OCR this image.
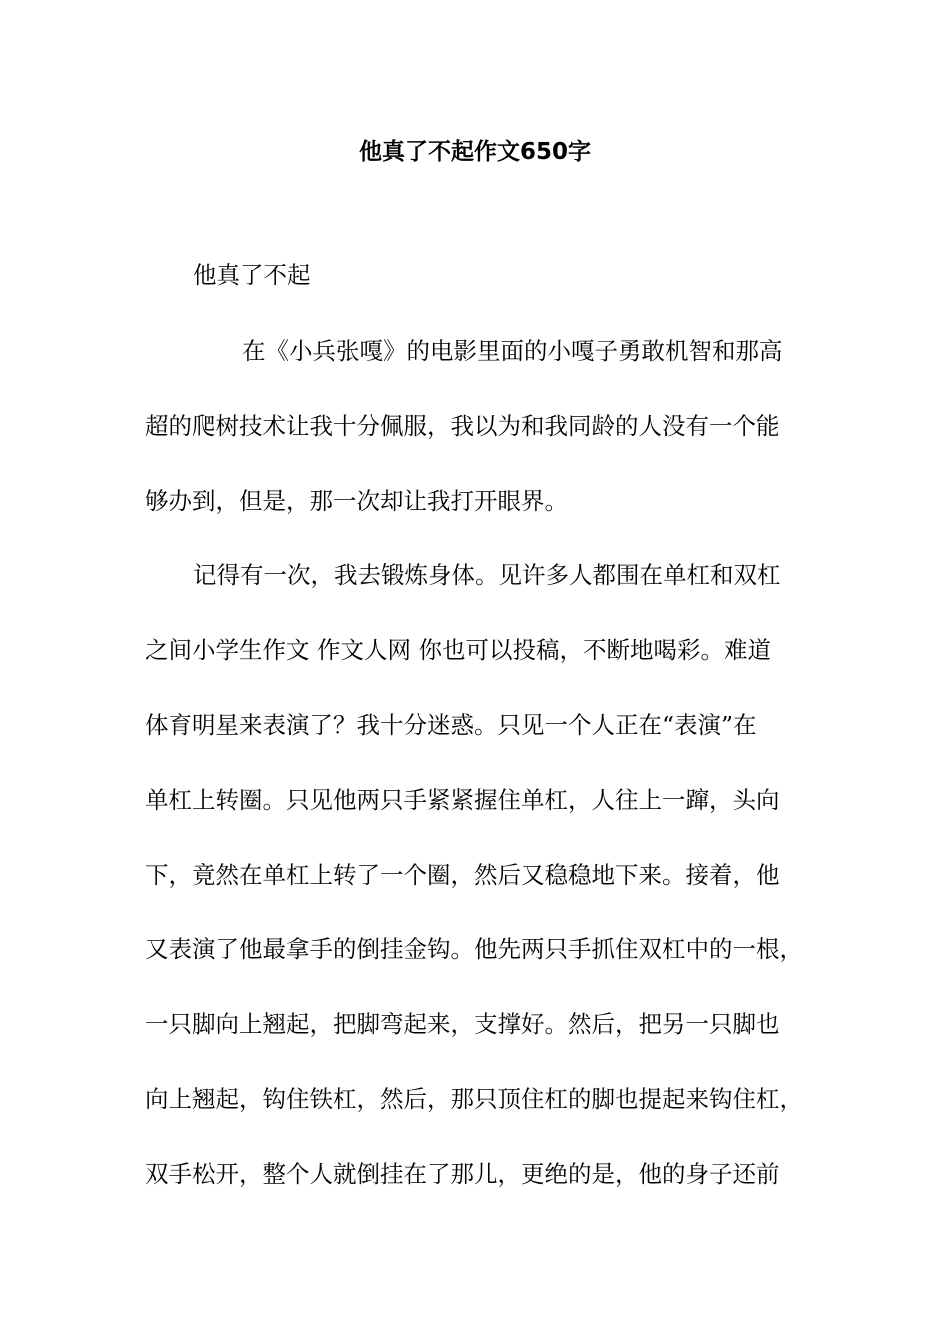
他真了不起作文650字
他真了不起
在《小兵张嘎》的电影里面的小嘎子勇敢机智和那高
超的爬树技术让我十分佩服，我以为和我同龄的人没有一个能
够办到，但是，那一次却让我打开眼界。
记得有一次，我去锻炼身体。见许多人都围在单杠和双杠
之间小学生作文 作文人网 你也可以投稿，不断地喝彩。难道
体育明星来表演了？我十分迷惑。只见一个人正在“表演”在
单杠上转圈。只见他两只手紧紧握住单杠，人往上一蹿，头向
下，竟然在单杠上转了一个圈，然后又稳稳地下来。接着，他
又表演了他最拿手的倒挂金钩。他先两只手抓住双杠中的一根，
一只脚向上翘起，把脚弯起来，支撑好。然后，把另一只脚也
向上翘起，钩住铁杠，然后，那只顶住杠的脚也提起来钩住杠，
双手松开，整个人就倒挂在了那儿，更绝的是，他的身子还前
